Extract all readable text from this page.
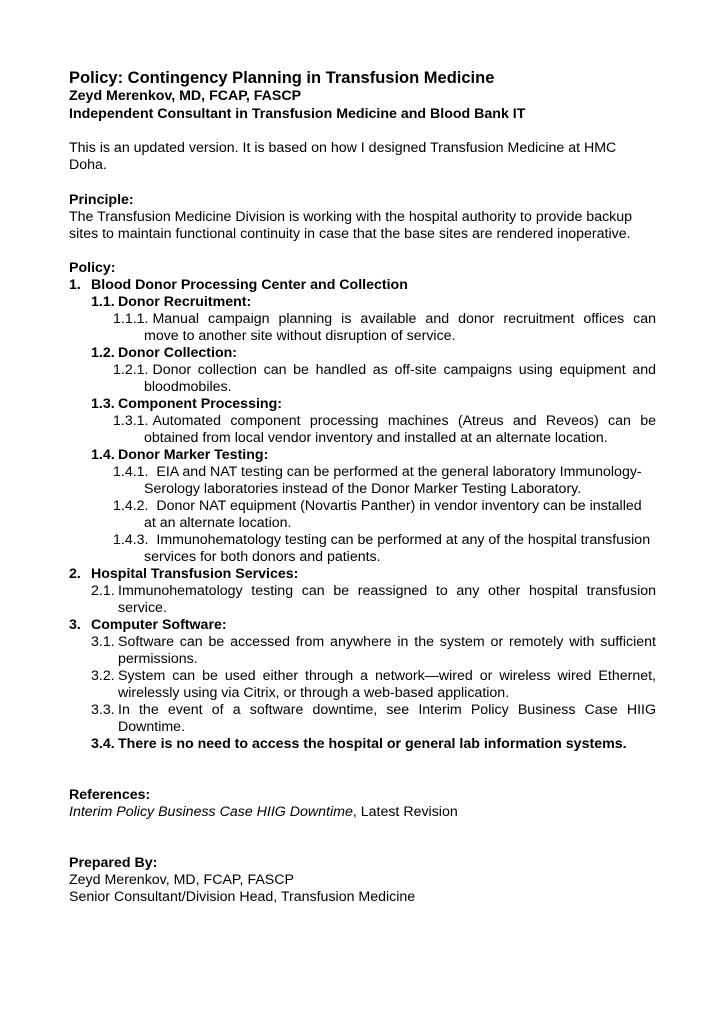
Policy: Contingency Planning in Transfusion Medicine
Zeyd Merenkov, MD, FCAP, FASCP
Independent Consultant in Transfusion Medicine and Blood Bank IT
This is an updated version. It is based on how I designed Transfusion Medicine at HMC
Doha.
Principle:
The Transfusion Medicine Division is working with the hospital authority to provide backup
sites to maintain functional continuity in case that the base sites are rendered inoperative.
Policy:
1. Blood Donor Processing Center and Collection
1.1. Donor Recruitment:
1.1.1.
Manual campaign planning is available and donor recruitment offices can
move to another site without disruption of service.
1.2. Donor Collection:
1.2.1.
Donor collection can be handled as off-site campaigns using equipment and
bloodmobiles.
1.3. Component Processing:
1.3.1.
Automated component processing machines (Atreus and Reveos) can be
obtained from local vendor inventory and installed at an alternate location.
1.4. Donor Marker Testing:
1.4.1. EIA and NAT testing can be performed at the general laboratory Immunology-
Serology laboratories instead of the Donor Marker Testing Laboratory.
1.4.2. Donor NAT equipment (Novartis Panther) in vendor inventory can be installed
at an alternate location.
1.4.3. Immunohematology testing can be performed at any of the hospital transfusion
services for both donors and patients.
2. Hospital Transfusion Services:
2.1. Immunohematology testing can be reassigned to any other hospital transfusion
service.
3. Computer Software:
3.1. Software can be accessed from anywhere in the system or remotely with sufficient
permissions.
3.2. System can be used either through a network—wired or wireless wired Ethernet,
wirelessly using via Citrix, or through a web-based application.
3.3. In the event of a software downtime, see Interim Policy Business Case HIIG
Downtime.
3.4. There is no need to access the hospital or general lab information systems.
References:
Interim Policy Business Case HIIG Downtime, Latest Revision
Prepared By:
Zeyd Merenkov, MD, FCAP, FASCP
Senior Consultant/Division Head, Transfusion Medicine
